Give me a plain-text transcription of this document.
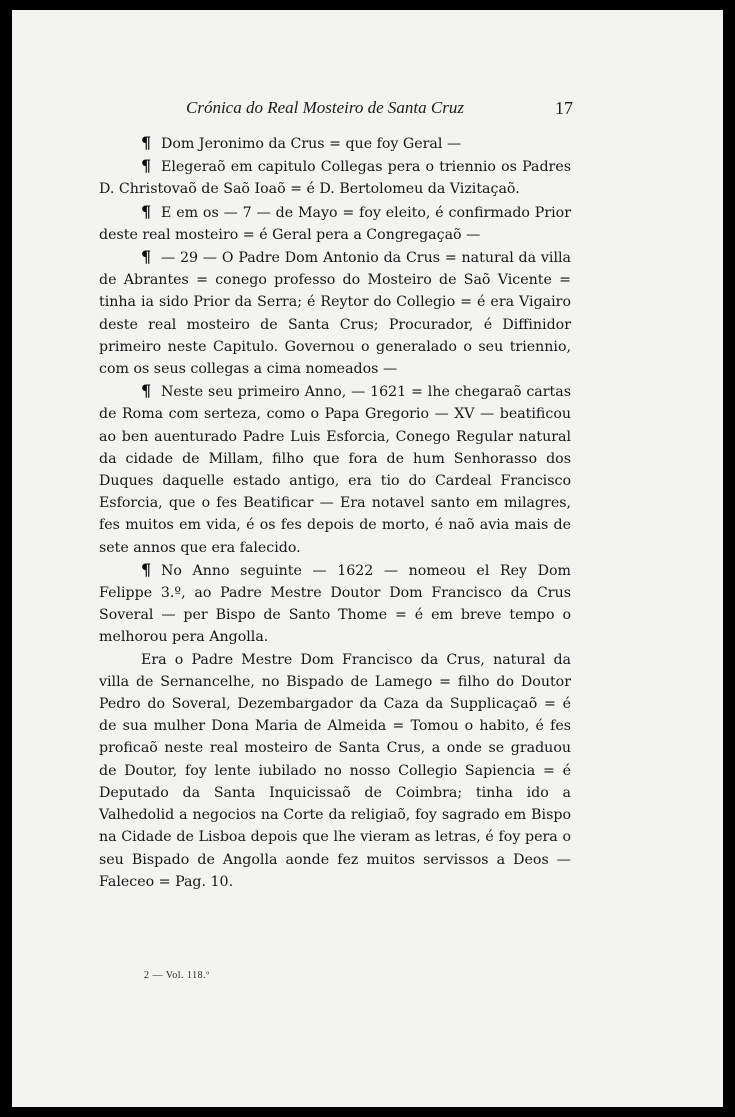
Crónica do Real Mosteiro de Santa Cruz	17

¶ Dom Jeronimo da Crus = que foy Geral —

¶ Elegeraõ em capitulo Collegas pera o triennio os Padres D. Christovaõ de Saõ Ioaõ = é D. Bertolomeu da Vizitaçaõ.

¶ E em os — 7 — de Mayo = foy eleito, é confirmado Prior deste real mosteiro = é Geral pera a Congregaçaõ —

¶ — 29 — O Padre Dom Antonio da Crus = natural da villa de Abrantes = conego professo do Mosteiro de Saõ Vicente = tinha ia sido Prior da Serra; é Reytor do Collegio = é era Vigairo deste real mosteiro de Santa Crus; Procurador, é Diffinidor primeiro neste Capitulo. Governou o generalado o seu triennio, com os seus collegas a cima nomeados —

¶ Neste seu primeiro Anno, — 1621 = lhe chegaraõ cartas de Roma com serteza, como o Papa Gregorio — XV — beatificou ao ben auenturado Padre Luis Esforcia, Conego Regular natural da cidade de Millam, filho que fora de hum Senhorasso dos Duques daquelle estado antigo, era tio do Cardeal Francisco Esforcia, que o fes Beatificar — Era notavel santo em milagres, fes muitos em vida, é os fes depois de morto, é naõ avia mais de sete annos que era falecido.

¶ No Anno seguinte — 1622 — nomeou el Rey Dom Felippe 3.º, ao Padre Mestre Doutor Dom Francisco da Crus Soveral — per Bispo de Santo Thome = é em breve tempo o melhorou pera Angolla.

Era o Padre Mestre Dom Francisco da Crus, natural da villa de Sernancelhe, no Bispado de Lamego = filho do Doutor Pedro do Soveral, Dezembargador da Caza da Supplicaçaõ = é de sua mulher Dona Maria de Almeida = Tomou o habito, é fes proficaõ neste real mosteiro de Santa Crus, a onde se graduou de Doutor, foy lente iubilado no nosso Collegio Sapiencia = é Deputado da Santa Inquicissaõ de Coimbra; tinha ido a Valhedolid a negocios na Corte da religiaõ, foy sagrado em Bispo na Cidade de Lisboa depois que lhe vieram as letras, é foy pera o seu Bispado de Angolla aonde fez muitos servissos a Deos — Faleceo = Pag. 10.

2 — Vol. 118.º
